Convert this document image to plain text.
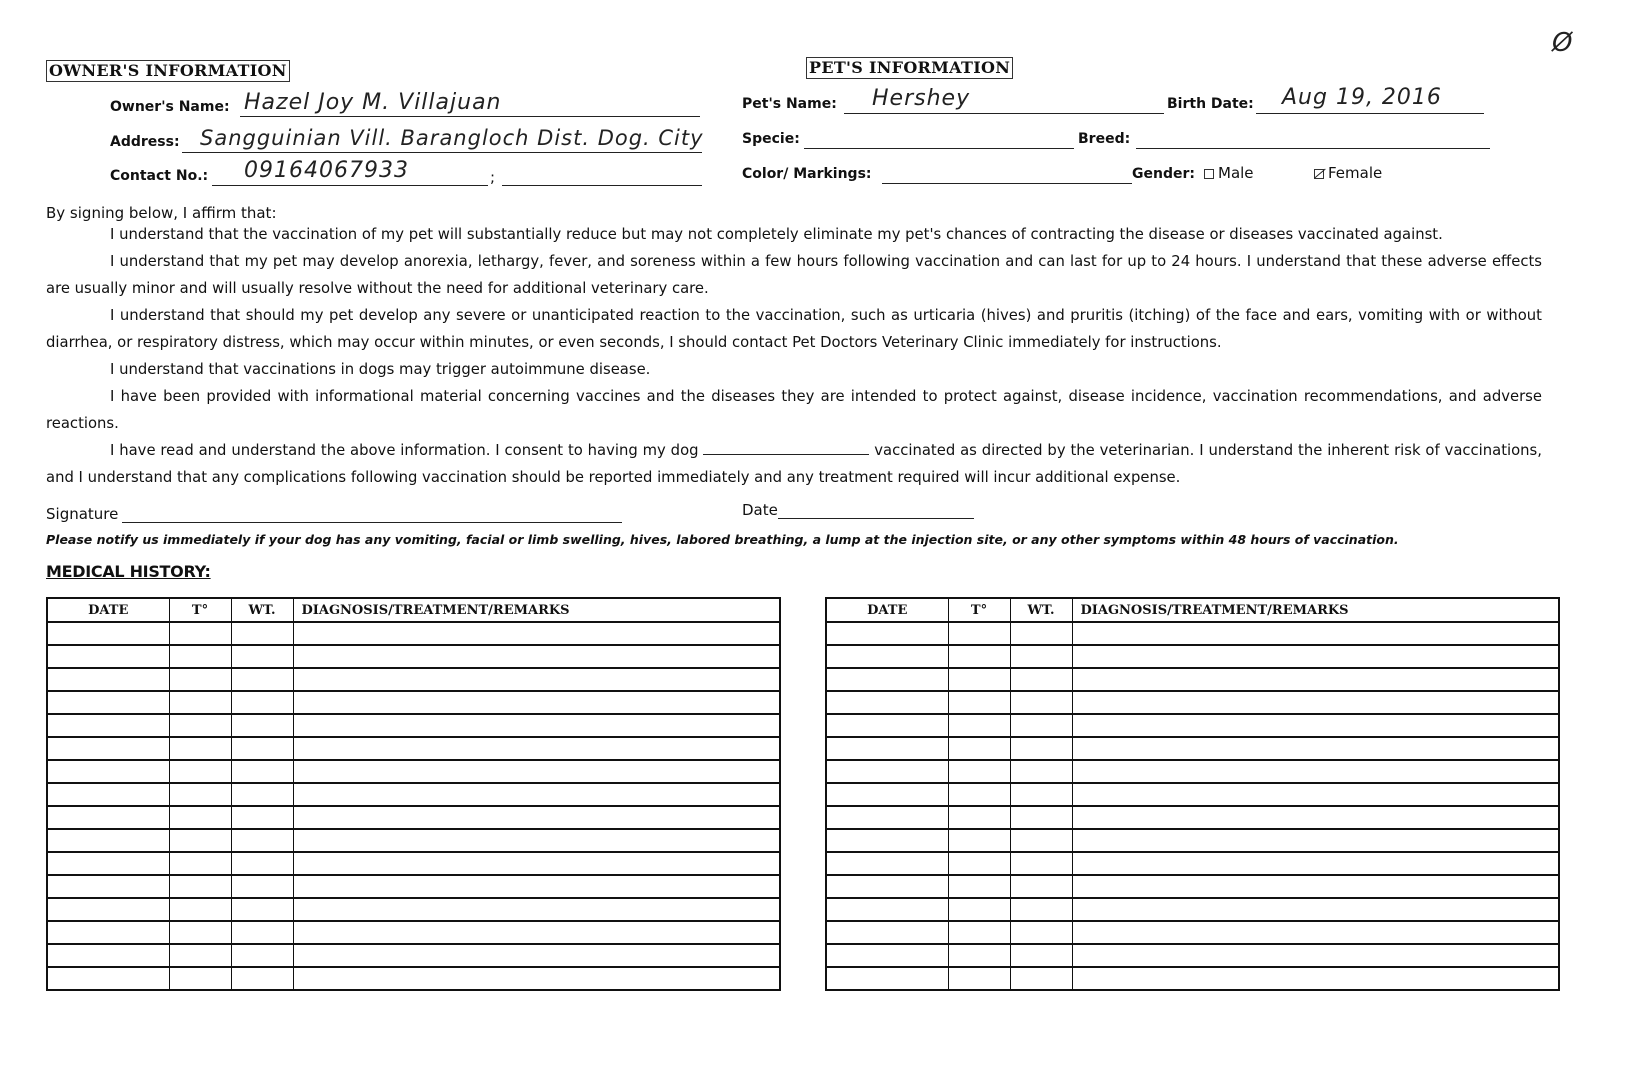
Ø
OWNER'S INFORMATION
Owner's Name: Hazel Joy M. Villajuan
Address: Sangguinian Vill. Barangloch Dist. Dog. City
Contact No.: 09164067933	;
PET'S INFORMATION
Pet's Name: Hershey	Birth Date: Aug 19, 2016
Specie:	Breed:
Color/ Markings:	Gender:	Male	Female
By signing below, I affirm that:
I understand that the vaccination of my pet will substantially reduce but may not completely eliminate my pet's chances of contracting the disease or diseases vaccinated against.
I understand that my pet may develop anorexia, lethargy, fever, and soreness within a few hours following vaccination and can last for up to 24 hours. I understand that these adverse effects are usually minor and will usually resolve without the need for additional veterinary care.
I understand that should my pet develop any severe or unanticipated reaction to the vaccination, such as urticaria (hives) and pruritis (itching) of the face and ears, vomiting with or without diarrhea, or respiratory distress, which may occur within minutes, or even seconds, I should contact Pet Doctors Veterinary Clinic immediately for instructions.
I understand that vaccinations in dogs may trigger autoimmune disease.
I have been provided with informational material concerning vaccines and the diseases they are intended to protect against, disease incidence, vaccination recommendations, and adverse reactions.
I have read and understand the above information. I consent to having my dog	vaccinated as directed by the veterinarian. I understand the inherent risk of vaccinations, and I understand that any complications following vaccination should be reported immediately and any treatment required will incur additional expense.
Signature	Date
Please notify us immediately if your dog has any vomiting, facial or limb swelling, hives, labored breathing, a lump at the injection site, or any other symptoms within 48 hours of vaccination.
MEDICAL HISTORY:
DATE	T°	WT.	DIAGNOSIS/TREATMENT/REMARKS

				DATE	T°	WT.	DIAGNOSIS/TREATMENT/REMARKS
